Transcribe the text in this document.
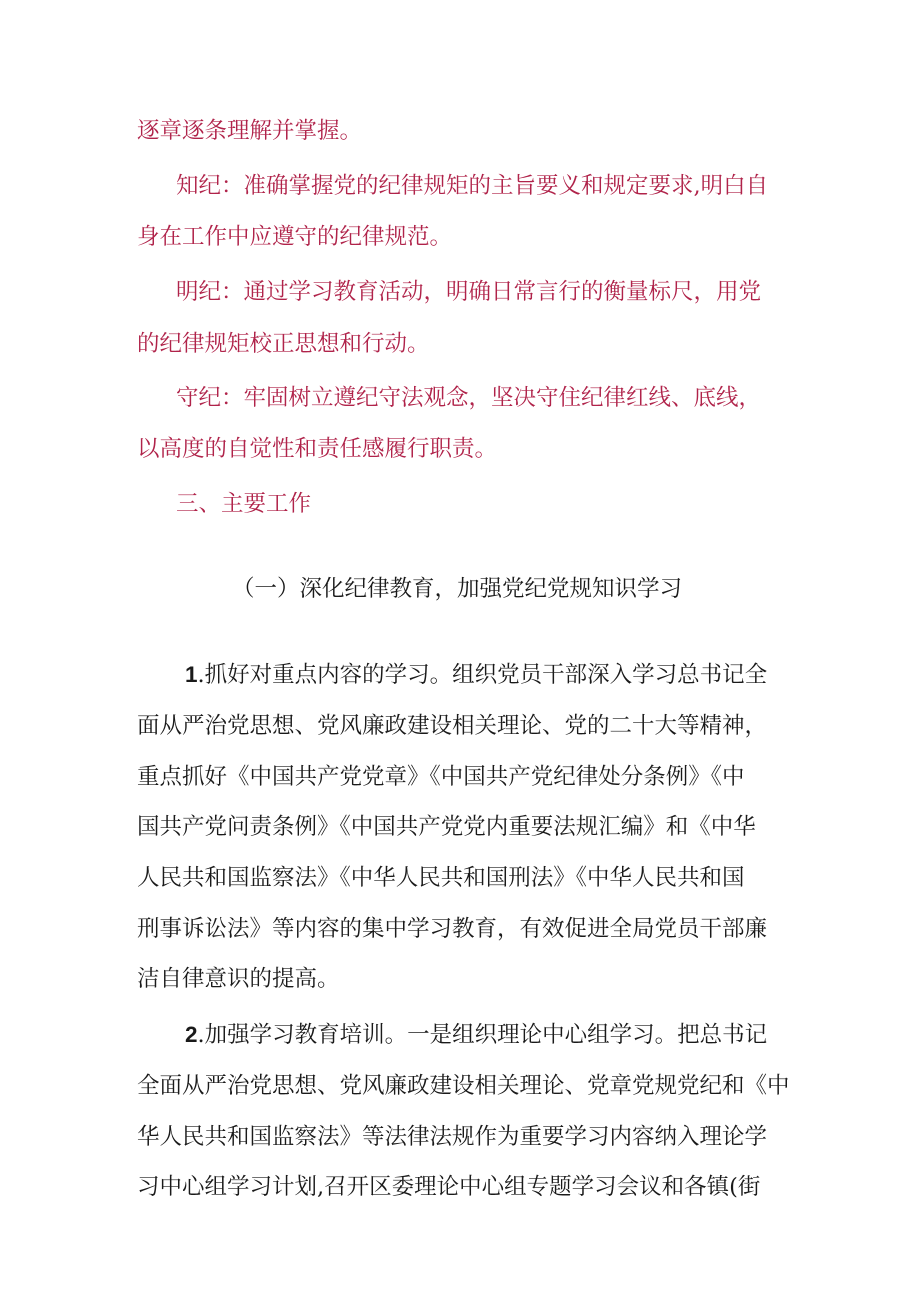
逐章逐条理解并掌握。

知纪：准确掌握党的纪律规矩的主旨要义和规定要求,明白自

身在工作中应遵守的纪律规范。

明纪：通过学习教育活动，明确日常言行的衡量标尺，用党

的纪律规矩校正思想和行动。

守纪：牢固树立遵纪守法观念，坚决守住纪律红线、底线，

以高度的自觉性和责任感履行职责。

三、主要工作

（一）深化纪律教育，加强党纪党规知识学习

1.抓好对重点内容的学习。组织党员干部深入学习总书记全

面从严治党思想、党风廉政建设相关理论、党的二十大等精神，

重点抓好《中国共产党党章》《中国共产党纪律处分条例》《中

国共产党问责条例》《中国共产党党内重要法规汇编》和《中华

人民共和国监察法》《中华人民共和国刑法》《中华人民共和国

刑事诉讼法》等内容的集中学习教育，有效促进全局党员干部廉

洁自律意识的提高。

2.加强学习教育培训。一是组织理论中心组学习。把总书记

全面从严治党思想、党风廉政建设相关理论、党章党规党纪和《中

华人民共和国监察法》等法律法规作为重要学习内容纳入理论学

习中心组学习计划,召开区委理论中心组专题学习会议和各镇(街
